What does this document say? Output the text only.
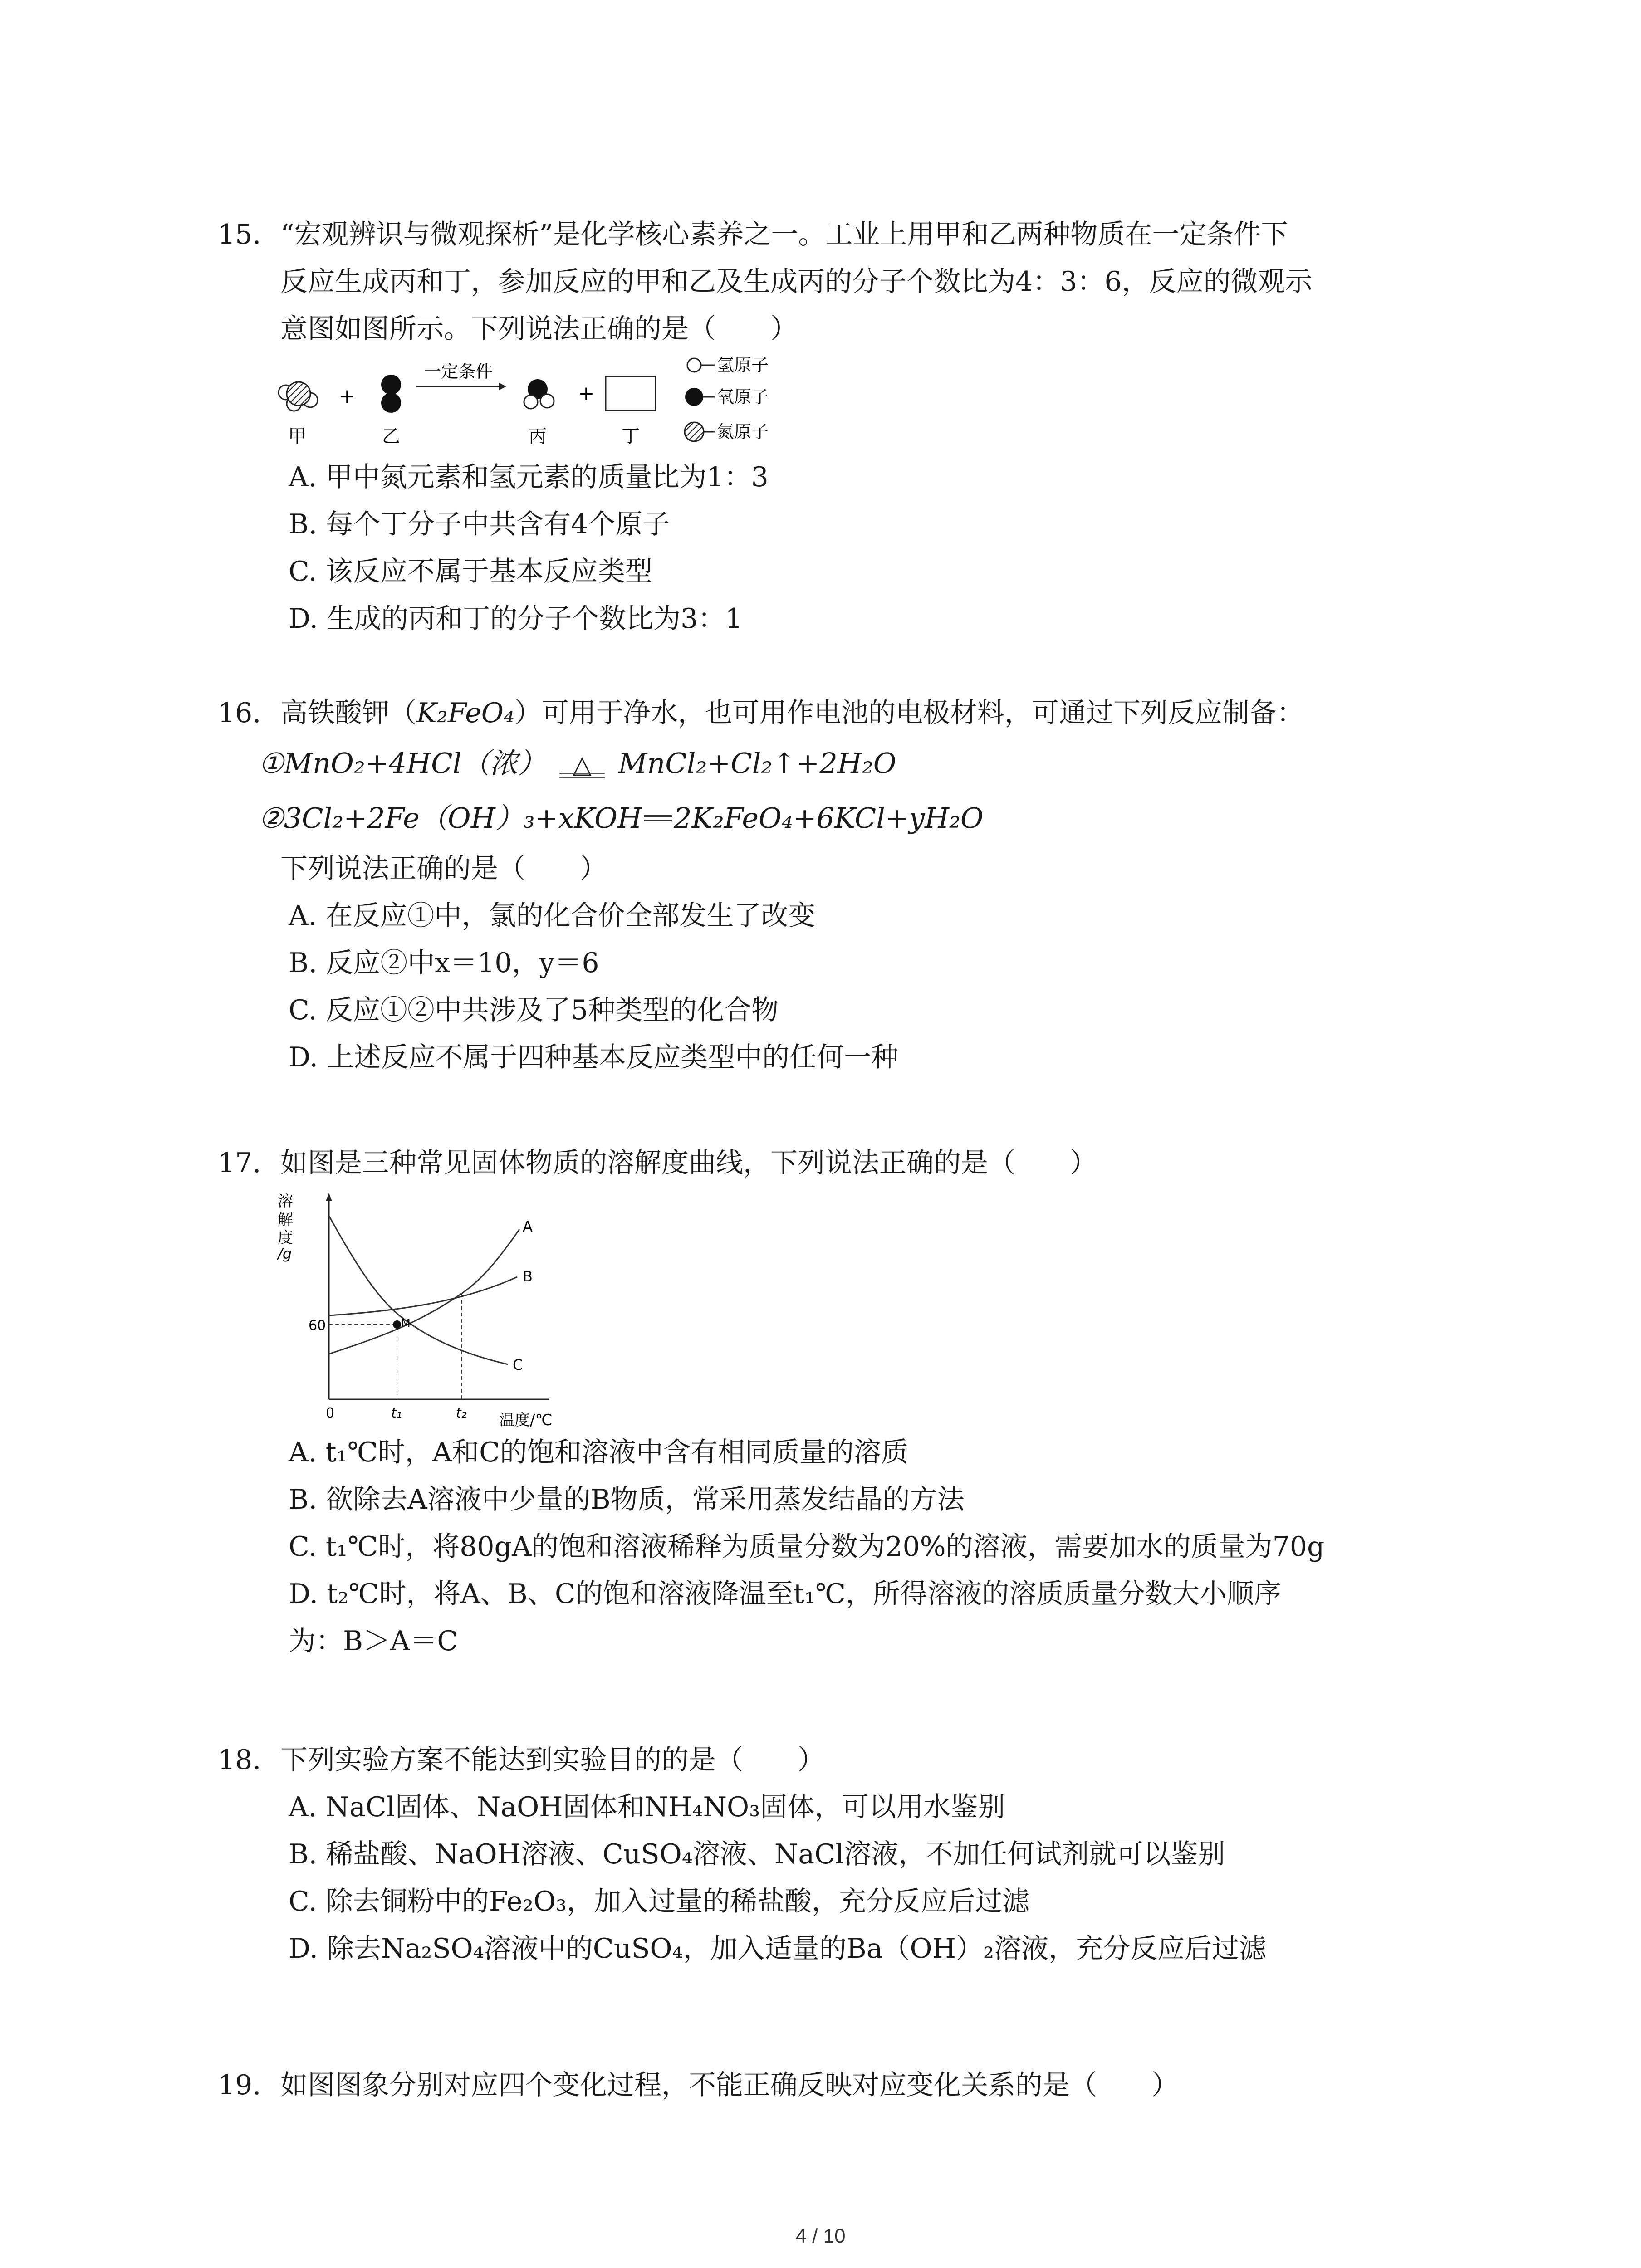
15. “宏观辨识与微观探析”是化学核心素养之一。工业上用甲和乙两种物质在一定条件下

反应生成丙和丁，参加反应的甲和乙及生成丙的分子个数比为4：3：6，反应的微观示

意图如图所示。下列说法正确的是（　　）

+
一定条件
+
甲	乙	丙	丁
氢原子
氧原子
氮原子

A. 甲中氮元素和氢元素的质量比为1：3

B. 每个丁分子中共含有4个原子

C. 该反应不属于基本反应类型

D. 生成的丙和丁的分子个数比为3：1

16. 高铁酸钾（K₂FeO₄）可用于净水，也可用作电池的电极材料，可通过下列反应制备：

①MnO₂+4HCl（浓） △ MnCl₂+Cl₂↑+2H₂O
②3Cl₂+2Fe（OH）₃+xKOH 2K₂FeO₄+6KCl+yH₂O

下列说法正确的是（　　）

A. 在反应①中，氯的化合价全部发生了改变

B. 反应②中x＝10，y＝6

C. 反应①②中共涉及了5种类型的化合物

D. 上述反应不属于四种基本反应类型中的任何一种

17. 如图是三种常见固体物质的溶解度曲线，下列说法正确的是（　　）

溶
解
度
/g
M
A
B
C
60
0	t₁	t₂ 温度/℃

A. t₁℃时，A和C的饱和溶液中含有相同质量的溶质

B. 欲除去A溶液中少量的B物质，常采用蒸发结晶的方法

C. t₁℃时，将80gA的饱和溶液稀释为质量分数为20%的溶液，需要加水的质量为70g

D. t₂℃时，将A、B、C的饱和溶液降温至t₁℃，所得溶液的溶质质量分数大小顺序

为：B＞A＝C

18. 下列实验方案不能达到实验目的的是（　　）

A. NaCl固体、NaOH固体和NH₄NO₃固体，可以用水鉴别

B. 稀盐酸、NaOH溶液、CuSO₄溶液、NaCl溶液，不加任何试剂就可以鉴别

C. 除去铜粉中的Fe₂O₃，加入过量的稀盐酸，充分反应后过滤

D. 除去Na₂SO₄溶液中的CuSO₄，加入适量的Ba（OH）₂溶液，充分反应后过滤

19. 如图图象分别对应四个变化过程，不能正确反映对应变化关系的是（　　）

4 / 10
